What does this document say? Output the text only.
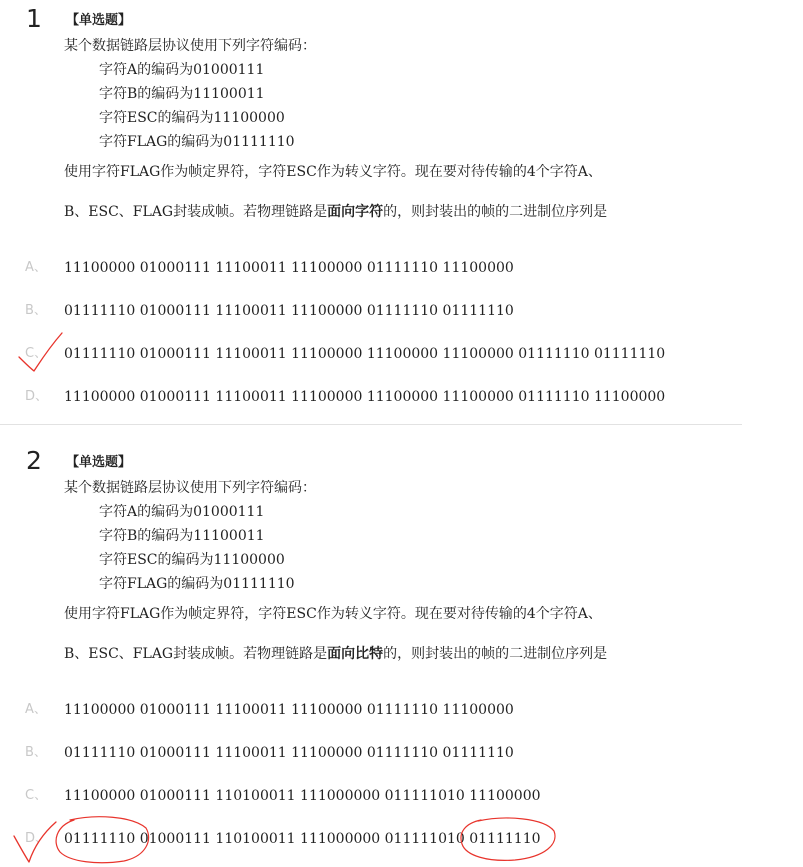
1 【单选题】
某个数据链路层协议使用下列字符编码：
字符A的编码为01000111
字符B的编码为11100011
字符ESC的编码为11100000
字符FLAG的编码为01111110
使用字符FLAG作为帧定界符，字符ESC作为转义字符。现在要对待传输的4个字符A、
B、ESC、FLAG封装成帧。若物理链路是面向字符的，则封装出的帧的二进制位序列是
A、 11100000 01000111 11100011 11100000 01111110 11100000
B、 01111110 01000111 11100011 11100000 01111110 01111110
C、 01111110 01000111 11100011 11100000 11100000 11100000 01111110 01111110
D、 11100000 01000111 11100011 11100000 11100000 11100000 01111110 11100000
2 【单选题】
某个数据链路层协议使用下列字符编码：
字符A的编码为01000111
字符B的编码为11100011
字符ESC的编码为11100000
字符FLAG的编码为01111110
使用字符FLAG作为帧定界符，字符ESC作为转义字符。现在要对待传输的4个字符A、
B、ESC、FLAG封装成帧。若物理链路是面向比特的，则封装出的帧的二进制位序列是
A、 11100000 01000111 11100011 11100000 01111110 11100000
B、 01111110 01000111 11100011 11100000 01111110 01111110
C、 11100000 01000111 110100011 111000000 011111010 11100000
D、 01111110 01000111 110100011 111000000 011111010 01111110
